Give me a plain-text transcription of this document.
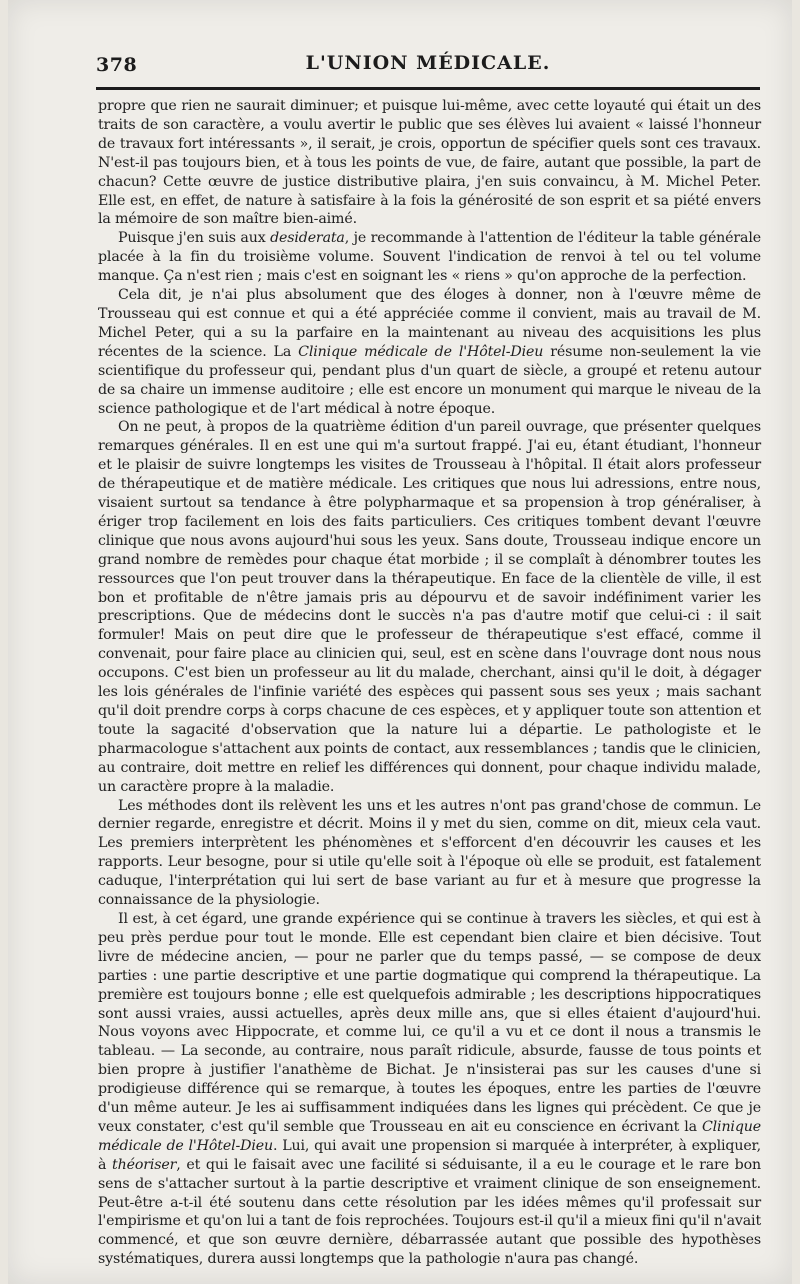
378	L'UNION MÉDICALE.

propre que rien ne saurait diminuer; et puisque lui-même, avec cette loyauté qui était un des traits de son caractère, a voulu avertir le public que ses élèves lui avaient « laissé l'honneur de travaux fort intéressants », il serait, je crois, opportun de spécifier quels sont ces travaux. N'est-il pas toujours bien, et à tous les points de vue, de faire, autant que possible, la part de chacun? Cette œuvre de justice distributive plaira, j'en suis convaincu, à M. Michel Peter. Elle est, en effet, de nature à satisfaire à la fois la générosité de son esprit et sa piété envers la mémoire de son maître bien-aimé.

Puisque j'en suis aux desiderata, je recommande à l'attention de l'éditeur la table générale placée à la fin du troisième volume. Souvent l'indication de renvoi à tel ou tel volume manque. Ça n'est rien ; mais c'est en soignant les « riens » qu'on approche de la perfection.

Cela dit, je n'ai plus absolument que des éloges à donner, non à l'œuvre même de Trousseau qui est connue et qui a été appréciée comme il convient, mais au travail de M. Michel Peter, qui a su la parfaire en la maintenant au niveau des acquisitions les plus récentes de la science. La Clinique médicale de l'Hôtel-Dieu résume non-seulement la vie scientifique du professeur qui, pendant plus d'un quart de siècle, a groupé et retenu autour de sa chaire un immense auditoire ; elle est encore un monument qui marque le niveau de la science pathologique et de l'art médical à notre époque.

On ne peut, à propos de la quatrième édition d'un pareil ouvrage, que présenter quelques remarques générales. Il en est une qui m'a surtout frappé. J'ai eu, étant étudiant, l'honneur et le plaisir de suivre longtemps les visites de Trousseau à l'hôpital. Il était alors professeur de thérapeutique et de matière médicale. Les critiques que nous lui adressions, entre nous, visaient surtout sa tendance à être polypharmaque et sa propension à trop généraliser, à ériger trop facilement en lois des faits particuliers. Ces critiques tombent devant l'œuvre clinique que nous avons aujourd'hui sous les yeux. Sans doute, Trousseau indique encore un grand nombre de remèdes pour chaque état morbide ; il se complaît à dénombrer toutes les ressources que l'on peut trouver dans la thérapeutique. En face de la clientèle de ville, il est bon et profitable de n'être jamais pris au dépourvu et de savoir indéfiniment varier les prescriptions. Que de médecins dont le succès n'a pas d'autre motif que celui-ci : il sait formuler! Mais on peut dire que le professeur de thérapeutique s'est effacé, comme il convenait, pour faire place au clinicien qui, seul, est en scène dans l'ouvrage dont nous nous occupons. C'est bien un professeur au lit du malade, cherchant, ainsi qu'il le doit, à dégager les lois générales de l'infinie variété des espèces qui passent sous ses yeux ; mais sachant qu'il doit prendre corps à corps chacune de ces espèces, et y appliquer toute son attention et toute la sagacité d'observation que la nature lui a départie. Le pathologiste et le pharmacologue s'attachent aux points de contact, aux ressemblances ; tandis que le clinicien, au contraire, doit mettre en relief les différences qui donnent, pour chaque individu malade, un caractère propre à la maladie.

Les méthodes dont ils relèvent les uns et les autres n'ont pas grand'chose de commun. Le dernier regarde, enregistre et décrit. Moins il y met du sien, comme on dit, mieux cela vaut. Les premiers interprètent les phénomènes et s'efforcent d'en découvrir les causes et les rapports. Leur besogne, pour si utile qu'elle soit à l'époque où elle se produit, est fatalement caduque, l'interprétation qui lui sert de base variant au fur et à mesure que progresse la connaissance de la physiologie.

Il est, à cet égard, une grande expérience qui se continue à travers les siècles, et qui est à peu près perdue pour tout le monde. Elle est cependant bien claire et bien décisive. Tout livre de médecine ancien, — pour ne parler que du temps passé, — se compose de deux parties : une partie descriptive et une partie dogmatique qui comprend la thérapeutique. La première est toujours bonne ; elle est quelquefois admirable ; les descriptions hippocratiques sont aussi vraies, aussi actuelles, après deux mille ans, que si elles étaient d'aujourd'hui. Nous voyons avec Hippocrate, et comme lui, ce qu'il a vu et ce dont il nous a transmis le tableau. — La seconde, au contraire, nous paraît ridicule, absurde, fausse de tous points et bien propre à justifier l'anathème de Bichat. Je n'insisterai pas sur les causes d'une si prodigieuse différence qui se remarque, à toutes les époques, entre les parties de l'œuvre d'un même auteur. Je les ai suffisamment indiquées dans les lignes qui précèdent. Ce que je veux constater, c'est qu'il semble que Trousseau en ait eu conscience en écrivant la Clinique médicale de l'Hôtel-Dieu. Lui, qui avait une propension si marquée à interpréter, à expliquer, à théoriser, et qui le faisait avec une facilité si séduisante, il a eu le courage et le rare bon sens de s'attacher surtout à la partie descriptive et vraiment clinique de son enseignement. Peut-être a-t-il été soutenu dans cette résolution par les idées mêmes qu'il professait sur l'empirisme et qu'on lui a tant de fois reprochées. Toujours est-il qu'il a mieux fini qu'il n'avait commencé, et que son œuvre dernière, débarrassée autant que possible des hypothèses systématiques, durera aussi longtemps que la pathologie n'aura pas changé.
